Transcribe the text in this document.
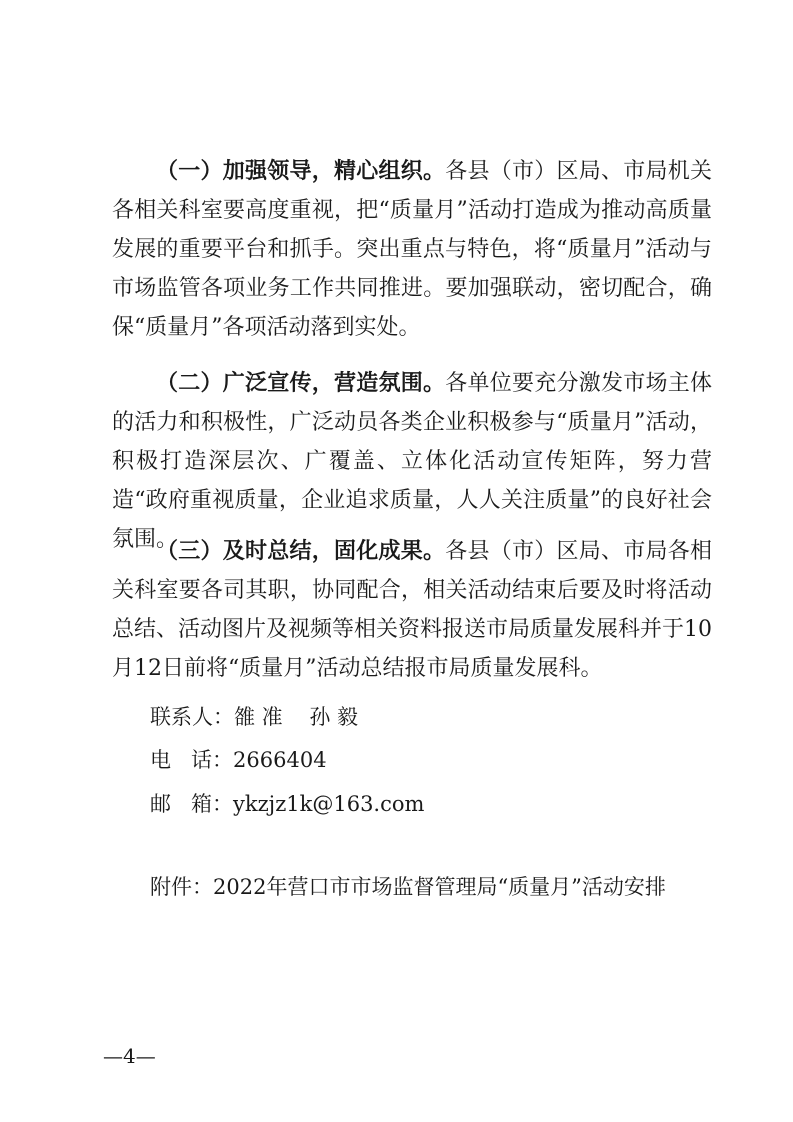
（一）加强领导，精心组织。各县（市）区局、市局机关各相关科室要高度重视，把“质量月”活动打造成为推动高质量发展的重要平台和抓手。突出重点与特色，将“质量月”活动与市场监管各项业务工作共同推进。要加强联动，密切配合，确保“质量月”各项活动落到实处。

（二）广泛宣传，营造氛围。各单位要充分激发市场主体的活力和积极性，广泛动员各类企业积极参与“质量月”活动，积极打造深层次、广覆盖、立体化活动宣传矩阵，努力营造“政府重视质量，企业追求质量，人人关注质量”的良好社会氛围。

（三）及时总结，固化成果。各县（市）区局、市局各相关科室要各司其职，协同配合，相关活动结束后要及时将活动总结、活动图片及视频等相关资料报送市局质量发展科并于10月12日前将“质量月”活动总结报市局质量发展科。

联系人：雒 准    孙 毅
电   话：2666404
邮   箱：ykzjz1k@163.com
附件：2022年营口市市场监督管理局“质量月”活动安排
—4—
